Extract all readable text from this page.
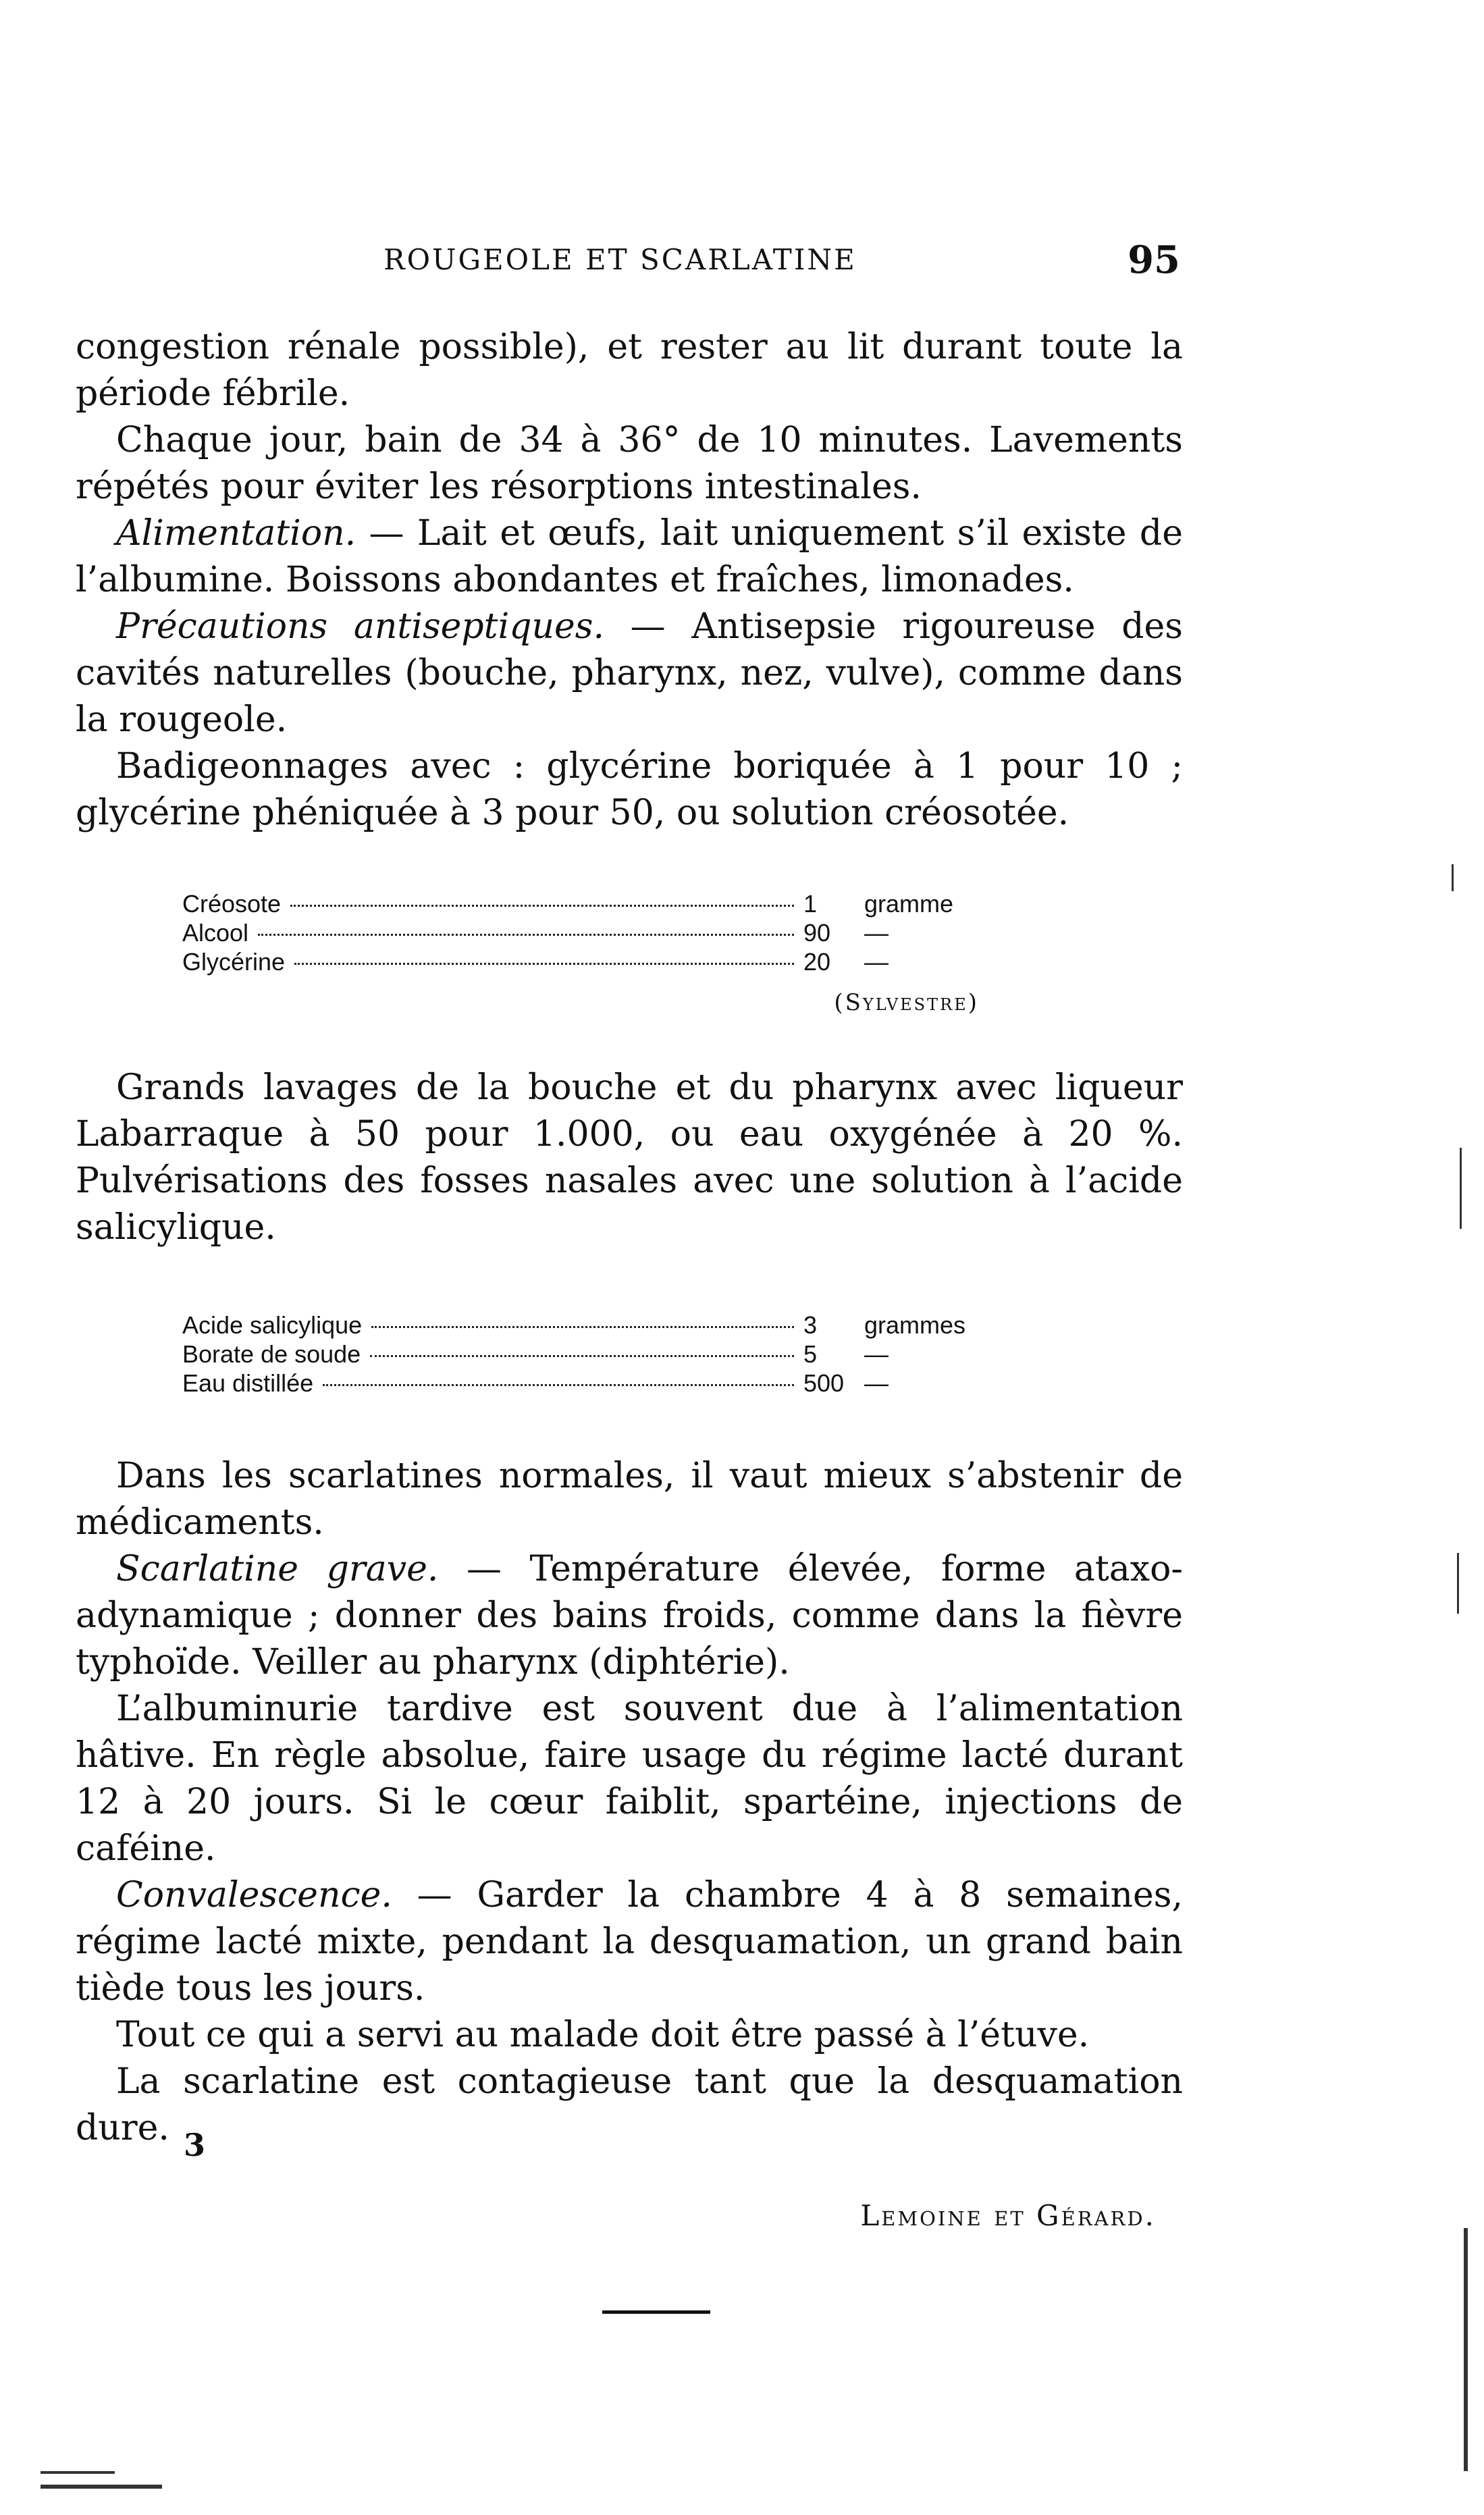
ROUGEOLE ET SCARLATINE	95

congestion rénale possible), et rester au lit durant toute la période fébrile.

Chaque jour, bain de 34 à 36° de 10 minutes. Lavements répétés pour éviter les résorptions intestinales.

Alimentation. — Lait et œufs, lait uniquement s’il existe de l’albumine. Boissons abondantes et fraîches, limonades.

Précautions antiseptiques. — Antisepsie rigoureuse des cavités naturelles (bouche, pharynx, nez, vulve), comme dans la rougeole.

Badigeonnages avec : glycérine boriquée à 1 pour 10 ; glycérine phéniquée à 3 pour 50, ou solution créosotée.

Créosote	1	gramme
Alcool	90	—
Glycérine	20	—
(Sylvestre)

Grands lavages de la bouche et du pharynx avec liqueur Labarraque à 50 pour 1.000, ou eau oxygénée à 20 %. Pulvérisations des fosses nasales avec une solution à l’acide salicylique.

Acide salicylique	3	grammes
Borate de soude	5	—
Eau distillée	500 —

Dans les scarlatines normales, il vaut mieux s’abstenir de médicaments.

Scarlatine grave. — Température élevée, forme ataxo-adynamique ; donner des bains froids, comme dans la fièvre typhoïde. Veiller au pharynx (diphtérie).

L’albuminurie tardive est souvent due à l’alimentation hâtive. En règle absolue, faire usage du régime lacté durant 12 à 20 jours. Si le cœur faiblit, spartéine, injections de caféine.

Convalescence. — Garder la chambre 4 à 8 semaines, régime lacté mixte, pendant la desquamation, un grand bain tiède tous les jours.

Tout ce qui a servi au malade doit être passé à l’étuve.

La scarlatine est contagieuse tant que la desquamation dure.

Lemoine et Gérard.
3
